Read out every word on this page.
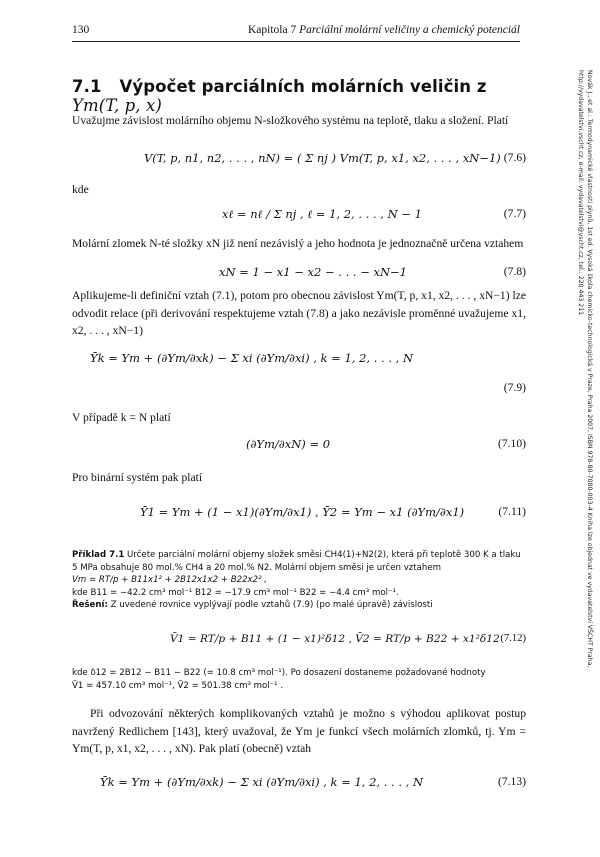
130	Kapitola 7 Parciální molární veličiny a chemický potenciál
7.1 Výpočet parciálních molárních veličin z Ym(T, p, x)
Uvažujme závislost molárního objemu N-složkového systému na teplotě, tlaku a složení. Platí
V(T, p, n1, n2, . . . , nN) = ( Σ nj ) Vm(T, p, x1, x2, . . . , xN−1) (7.6)
kde
xℓ = nℓ / Σ nj , ℓ = 1, 2, . . . , N − 1	(7.7)
Molární zlomek N-té složky xN již není nezávislý a jeho hodnota je jednoznačně určena vztahem
xN = 1 − x1 − x2 − . . . − xN−1	(7.8)
Aplikujeme-li definiční vztah (7.1), potom pro obecnou závislost Ym(T, p, x1, x2, . . . , xN−1) lze odvodit relace (při derivování respektujeme vztah (7.8) a jako nezávisle proměnné uvažujeme x1, x2, . . . , xN−1)
Ȳk = Ym + (∂Ym/∂xk) − Σ xi (∂Ym/∂xi) , k = 1, 2, . . . , N
(7.9)
V případě k = N platí
(∂Ym/∂xN) = 0	(7.10)
Pro binární systém pak platí
Ȳ1 = Ym + (1 − x1)(∂Ym/∂x1) , Ȳ2 = Ym − x1 (∂Ym/∂x1)	(7.11)
Příklad 7.1 Určete parciální molární objemy složek směsi CH4(1)+N2(2), která při teplotě 300 K a tlaku
5 MPa obsahuje 80 mol.% CH4 a 20 mol.% N2. Molární objem směsi je určen vztahem
Vm = RT/p + B11x1² + 2B12x1x2 + B22x2² ,
kde B11 = −42.2 cm³ mol⁻¹ B12 = −17.9 cm³ mol⁻¹ B22 = −4.4 cm³ mol⁻¹.
Řešení: Z uvedené rovnice vyplývají podle vztahů (7.9) (po malé úpravě) závislosti
V̄1 = RT/p + B11 + (1 − x1)²δ12 , V̄2 = RT/p + B22 + x1²δ12 (7.12)
kde δ12 = 2B12 − B11 − B22 (= 10.8 cm³ mol⁻¹). Po dosazení dostaneme požadované hodnoty
V̄1 = 457.10 cm³ mol⁻¹, V̄2 = 501.38 cm³ mol⁻¹ .
Při odvozování některých komplikovaných vztahů je možno s výhodou aplikovat postup navržený Redlichem [143], který uvažoval, že Ym je funkcí všech molárních zlomků, tj. Ym = Ym(T, p, x1, x2, . . . , xN). Pak platí (obecně) vztah
Ȳk = Ym + (∂Ym/∂xk) − Σ xi (∂Ym/∂xi) , k = 1, 2, . . . , N	(7.13)
Novák J., et al.: Termodynamické vlastnosti plynů, 1st ed. Vysoká škola chemicko-technologická v Praze, Praha 2007, ISBN 978-80-7080-003-4 Kniha lze objednat ve vydavatelství VŠCHT Praha, http://vydavatelstvi.vscht.cz, e-mail: vydavatelstvi@vscht.cz, tel.: 220 443 211
